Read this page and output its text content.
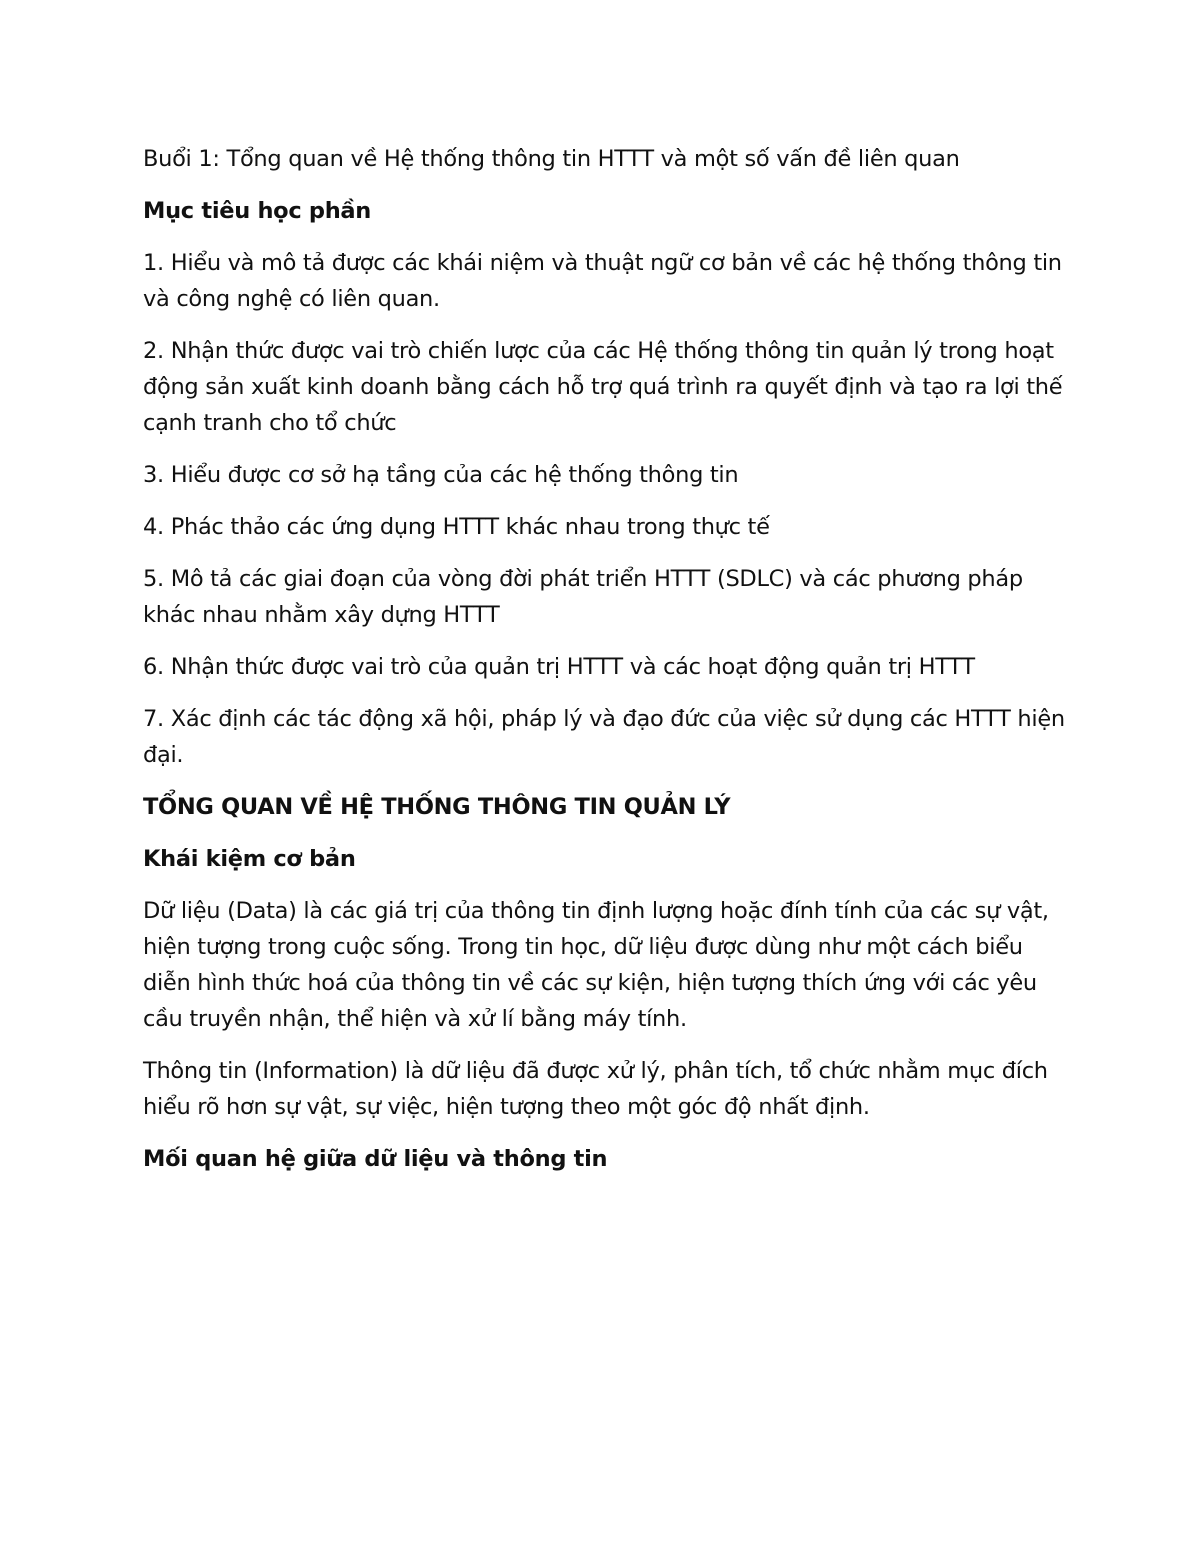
Buổi 1: Tổng quan về Hệ thống thông tin HTTT và một số vấn đề liên quan

Mục tiêu học phần

1. Hiểu và mô tả được các khái niệm và thuật ngữ cơ bản về các hệ thống thông tin và công nghệ có liên quan.

2. Nhận thức được vai trò chiến lược của các Hệ thống thông tin quản lý trong hoạt động sản xuất kinh doanh bằng cách hỗ trợ quá trình ra quyết định và tạo ra lợi thế cạnh tranh cho tổ chức

3. Hiểu được cơ sở hạ tầng của các hệ thống thông tin

4. Phác thảo các ứng dụng HTTT khác nhau trong thực tế

5. Mô tả các giai đoạn của vòng đời phát triển HTTT (SDLC) và các phương pháp khác nhau nhằm xây dựng HTTT

6. Nhận thức được vai trò của quản trị HTTT và các hoạt động quản trị HTTT

7. Xác định các tác động xã hội, pháp lý và đạo đức của việc sử dụng các HTTT hiện đại.

TỔNG QUAN VỀ HỆ THỐNG THÔNG TIN QUẢN LÝ

Khái kiệm cơ bản

Dữ liệu (Data) là các giá trị của thông tin định lượng hoặc đính tính của các sự vật, hiện tượng trong cuộc sống. Trong tin học, dữ liệu được dùng như một cách biểu diễn hình thức hoá của thông tin về các sự kiện, hiện tượng thích ứng với các yêu cầu truyền nhận, thể hiện và xử lí bằng máy tính.

Thông tin (Information) là dữ liệu đã được xử lý, phân tích, tổ chức nhằm mục đích hiểu rõ hơn sự vật, sự việc, hiện tượng theo một góc độ nhất định.

Mối quan hệ giữa dữ liệu và thông tin
